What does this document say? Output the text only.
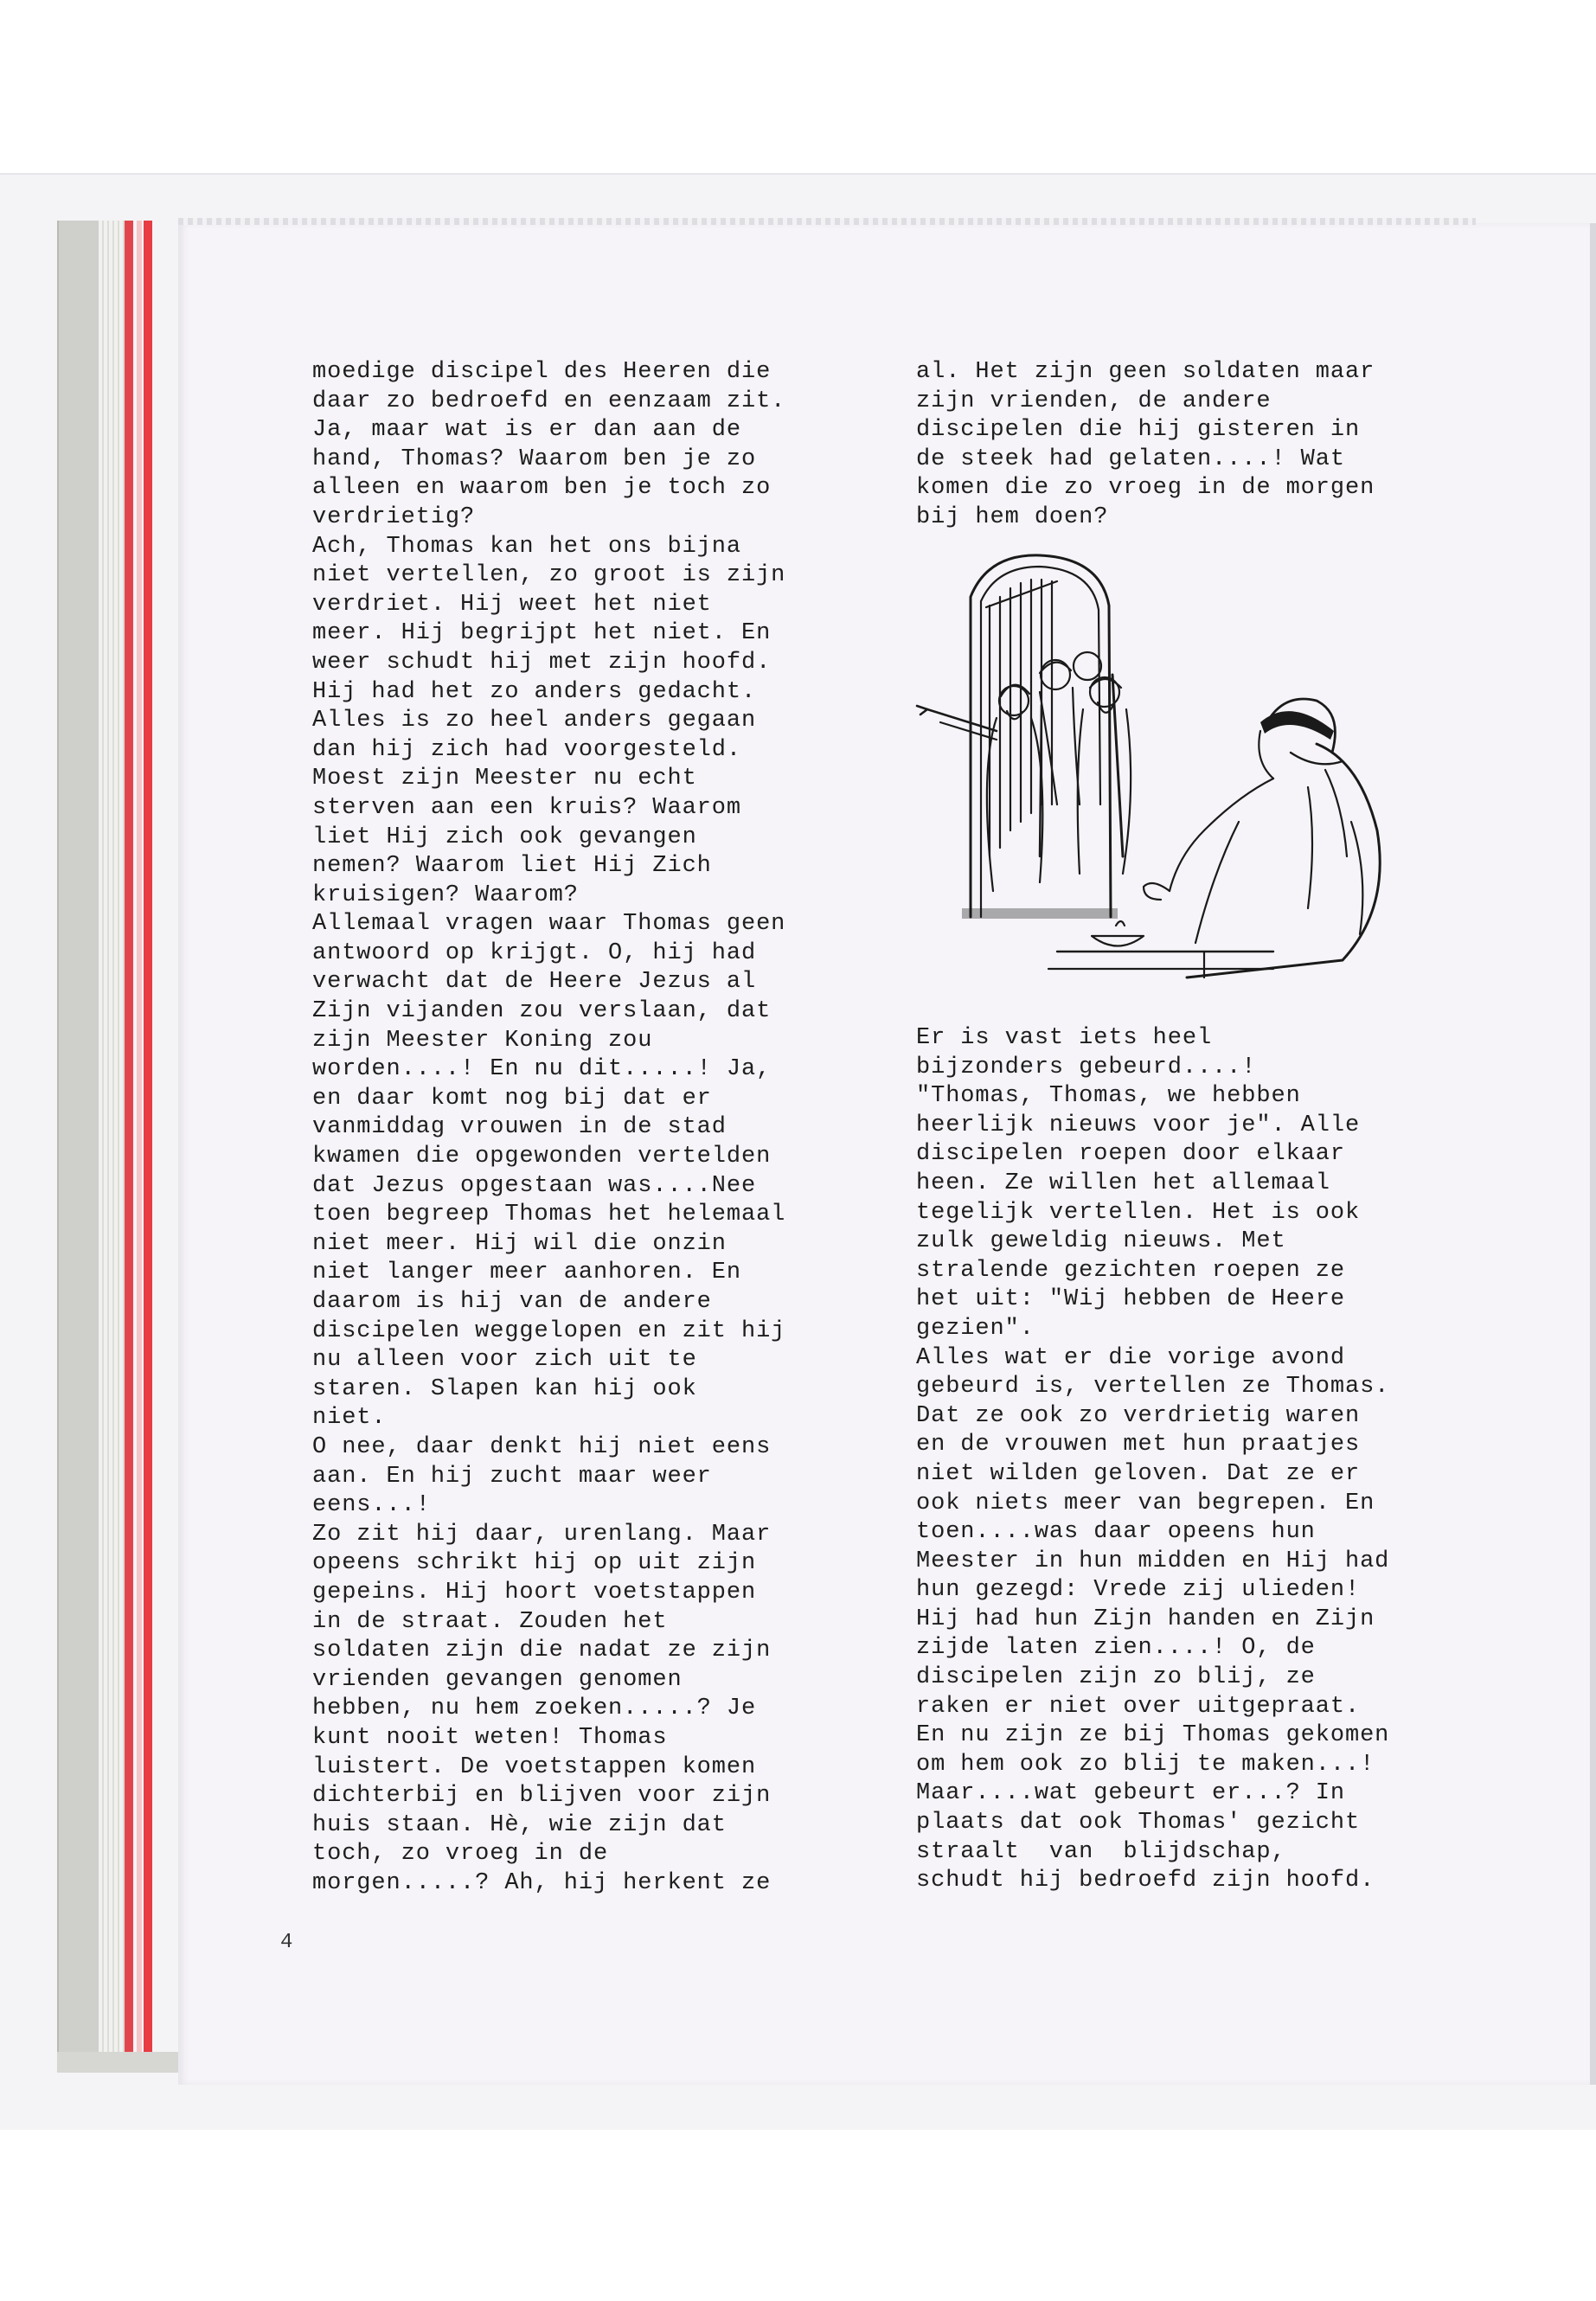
moedige discipel des Heeren die
daar zo bedroefd en eenzaam zit.
Ja, maar wat is er dan aan de
hand, Thomas? Waarom ben je zo
alleen en waarom ben je toch zo
verdrietig?
Ach, Thomas kan het ons bijna
niet vertellen, zo groot is zijn
verdriet. Hij weet het niet
meer. Hij begrijpt het niet. En
weer schudt hij met zijn hoofd.
Hij had het zo anders gedacht.
Alles is zo heel anders gegaan
dan hij zich had voorgesteld.
Moest zijn Meester nu echt
sterven aan een kruis? Waarom
liet Hij zich ook gevangen
nemen? Waarom liet Hij Zich
kruisigen? Waarom?
Allemaal vragen waar Thomas geen
antwoord op krijgt. O, hij had
verwacht dat de Heere Jezus al
Zijn vijanden zou verslaan, dat
zijn Meester Koning zou
worden....! En nu dit.....! Ja,
en daar komt nog bij dat er
vanmiddag vrouwen in de stad
kwamen die opgewonden vertelden
dat Jezus opgestaan was....Nee
toen begreep Thomas het helemaal
niet meer. Hij wil die onzin
niet langer meer aanhoren. En
daarom is hij van de andere
discipelen weggelopen en zit hij
nu alleen voor zich uit te
staren. Slapen kan hij ook
niet.
O nee, daar denkt hij niet eens
aan. En hij zucht maar weer
eens...!
Zo zit hij daar, urenlang. Maar
opeens schrikt hij op uit zijn
gepeins. Hij hoort voetstappen
in de straat. Zouden het
soldaten zijn die nadat ze zijn
vrienden gevangen genomen
hebben, nu hem zoeken.....? Je
kunt nooit weten! Thomas
luistert. De voetstappen komen
dichterbij en blijven voor zijn
huis staan. Hè, wie zijn dat
toch, zo vroeg in de
morgen.....? Ah, hij herkent ze
al. Het zijn geen soldaten maar
zijn vrienden, de andere
discipelen die hij gisteren in
de steek had gelaten....! Wat
komen die zo vroeg in de morgen
bij hem doen?
Er is vast iets heel
bijzonders gebeurd....!
"Thomas, Thomas, we hebben
heerlijk nieuws voor je". Alle
discipelen roepen door elkaar
heen. Ze willen het allemaal
tegelijk vertellen. Het is ook
zulk geweldig nieuws. Met
stralende gezichten roepen ze
het uit: "Wij hebben de Heere
gezien".
Alles wat er die vorige avond
gebeurd is, vertellen ze Thomas.
Dat ze ook zo verdrietig waren
en de vrouwen met hun praatjes
niet wilden geloven. Dat ze er
ook niets meer van begrepen. En
toen....was daar opeens hun
Meester in hun midden en Hij had
hun gezegd: Vrede zij ulieden!
Hij had hun Zijn handen en Zijn
zijde laten zien....! O, de
discipelen zijn zo blij, ze
raken er niet over uitgepraat.
En nu zijn ze bij Thomas gekomen
om hem ook zo blij te maken...!
Maar....wat gebeurt er...? In
plaats dat ook Thomas' gezicht
straalt  van  blijdschap,
schudt hij bedroefd zijn hoofd.
4
